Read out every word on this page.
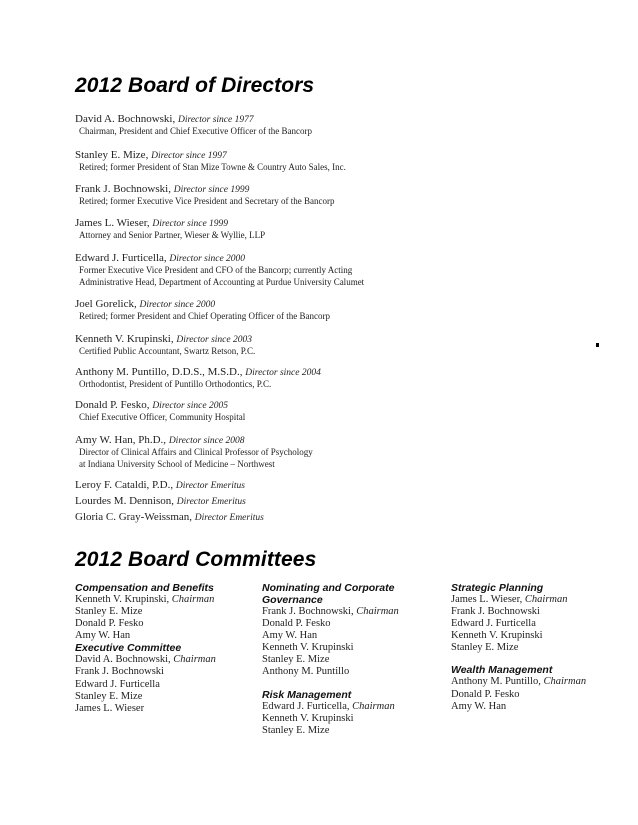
2012 Board of Directors
David A. Bochnowski, Director since 1977
Chairman, President and Chief Executive Officer of the Bancorp
Stanley E. Mize, Director since 1997
Retired; former President of Stan Mize Towne & Country Auto Sales, Inc.
Frank J. Bochnowski, Director since 1999
Retired; former Executive Vice President and Secretary of the Bancorp
James L. Wieser, Director since 1999
Attorney and Senior Partner, Wieser & Wyllie, LLP
Edward J. Furticella, Director since 2000
Former Executive Vice President and CFO of the Bancorp; currently Acting
Administrative Head, Department of Accounting at Purdue University Calumet
Joel Gorelick, Director since 2000
Retired; former President and Chief Operating Officer of the Bancorp
Kenneth V. Krupinski, Director since 2003
Certified Public Accountant, Swartz Retson, P.C.
Anthony M. Puntillo, D.D.S., M.S.D., Director since 2004
Orthodontist, President of Puntillo Orthodontics, P.C.
Donald P. Fesko, Director since 2005
Chief Executive Officer, Community Hospital
Amy W. Han, Ph.D., Director since 2008
Director of Clinical Affairs and Clinical Professor of Psychology
at Indiana University School of Medicine – Northwest
Leroy F. Cataldi, P.D., Director Emeritus
Lourdes M. Dennison, Director Emeritus
Gloria C. Gray-Weissman, Director Emeritus
2012 Board Committees
Compensation and Benefits
Kenneth V. Krupinski, Chairman
Stanley E. Mize
Donald P. Fesko
Amy W. Han
Executive Committee
David A. Bochnowski, Chairman
Frank J. Bochnowski
Edward J. Furticella
Stanley E. Mize
James L. Wieser
Nominating and Corporate
Governance
Frank J. Bochnowski, Chairman
Donald P. Fesko
Amy W. Han
Kenneth V. Krupinski
Stanley E. Mize
Anthony M. Puntillo
Risk Management
Edward J. Furticella, Chairman
Kenneth V. Krupinski
Stanley E. Mize
Strategic Planning
James L. Wieser, Chairman
Frank J. Bochnowski
Edward J. Furticella
Kenneth V. Krupinski
Stanley E. Mize
Wealth Management
Anthony M. Puntillo, Chairman
Donald P. Fesko
Amy W. Han
